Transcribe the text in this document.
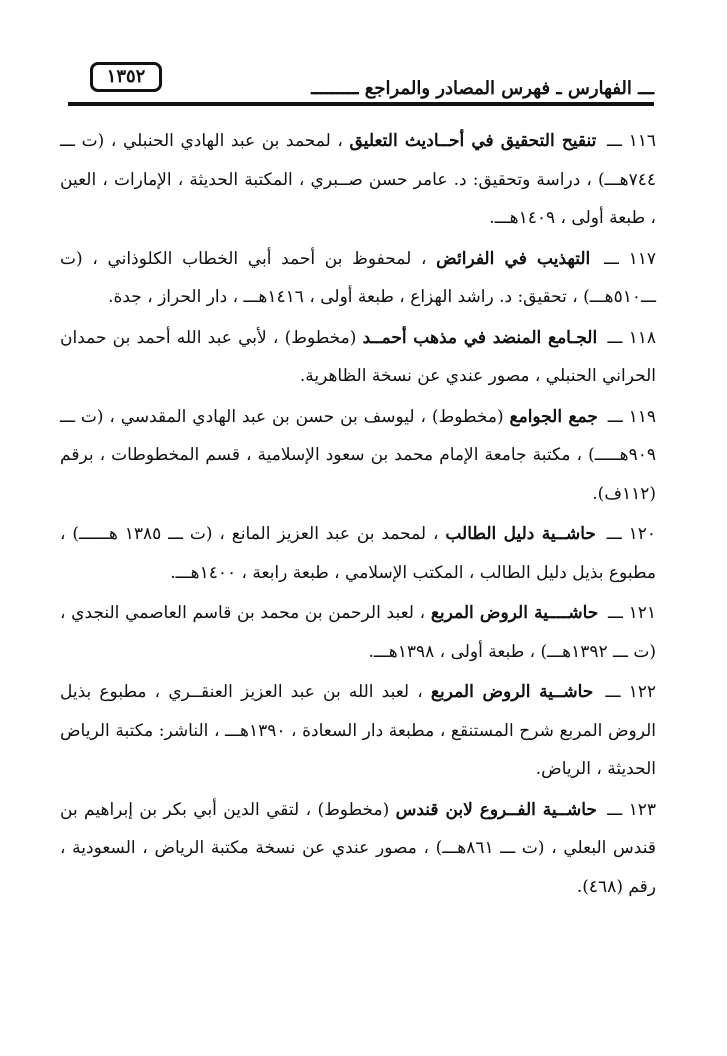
١٣٥٢
ـــ الفهارس ـ فهرس المصادر والمراجع ـــــــــ

١١٦ ـــ تنقيح التحقيق في أحــاديث التعليق ، لمحمد بن عبد الهادي الحنبلي ، (ت ـــ ٧٤٤هـــ) ، دراسة وتحقيق: د. عامر حسن صــبري ، المكتبة الحديثة ، الإمارات ، العين ، طبعة أولى ، ١٤٠٩هـــ.

١١٧ ـــ التهذيب في الفرائض ، لمحفوظ بن أحمد أبي الخطاب الكلوذاني ، (ت ـــ٥١٠هـــ) ، تحقيق: د. راشد الهزاع ، طبعة أولى ، ١٤١٦هـــ ، دار الحراز ، جدة.

١١٨ ـــ الجـامع المنضد في مذهب أحمــد (مخطوط) ، لأبي عبد الله أحمد بن حمدان الحراني الحنبلي ، مصور عندي عن نسخة الظاهرية.

١١٩ ـــ جمع الجوامع (مخطوط) ، ليوسف بن حسن بن عبد الهادي المقدسي ، (ت ـــ ٩٠٩هـــــ) ، مكتبة جامعة الإمام محمد بن سعود الإسلامية ، قسم المخطوطات ، برقم (١١٢ف).

١٢٠ ـــ حاشــية دليل الطالب ، لمحمد بن عبد العزيز المانع ، (ت ـــ ١٣٨٥ هــــــ) ، مطبوع بذيل دليل الطالب ، المكتب الإسلامي ، طبعة رابعة ، ١٤٠٠هـــ.

١٢١ ـــ حاشــــية الروض المربع ، لعبد الرحمن بن محمد بن قاسم العاصمي النجدي ، (ت ـــ ١٣٩٢هـــ) ، طبعة أولى ، ١٣٩٨هـــ.

١٢٢ ـــ حاشــية الروض المربع ، لعبد الله بن عبد العزيز العنقــري ، مطبوع بذيل الروض المربع شرح المستنقع ، مطبعة دار السعادة ، ١٣٩٠هـــ ، الناشر: مكتبة الرياض الحديثة ، الرياض.

١٢٣ ـــ حاشــية الفــروع لابن قندس (مخطوط) ، لتقي الدين أبي بكر بن إبراهيم بن قندس البعلي ، (ت ـــ ٨٦١هـــ) ، مصور عندي عن نسخة مكتبة الرياض ، السعودية ، رقم (٤٦٨).
